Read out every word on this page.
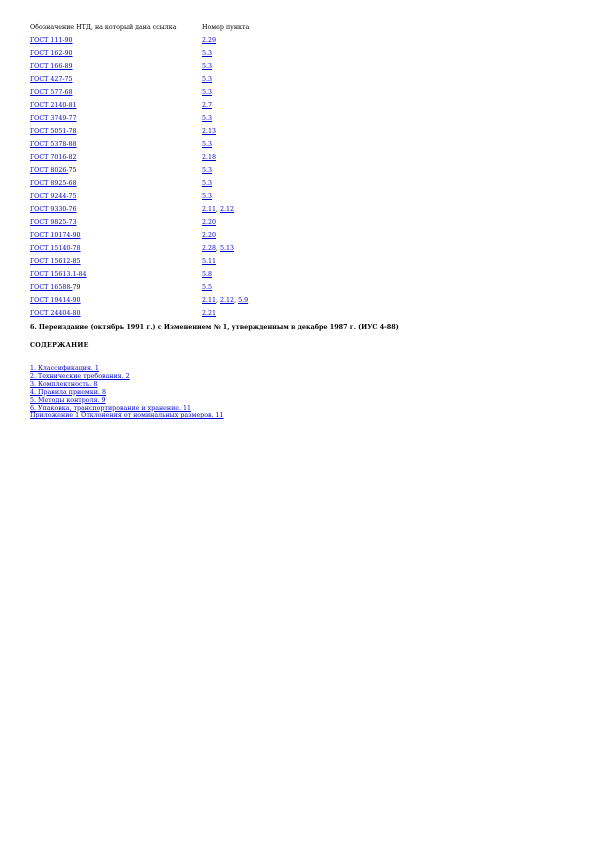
Обозначение НТД, на который дана ссылка	Номер пункта
ГОСТ 111-90	2.29
ГОСТ 162-90	5.3
ГОСТ 166-89	5.3
ГОСТ 427-75	5.3
ГОСТ 577-68	5.3
ГОСТ 2140-81	2.7
ГОСТ 3749-77	5.3
ГОСТ 5051-78	2.13
ГОСТ 5378-88	5.3
ГОСТ 7016-82	2.18
ГОСТ 8026-75	5.3
ГОСТ 8925-68	5.3
ГОСТ 9244-75	5.3
ГОСТ 9330-76	2.11, 2.12
ГОСТ 9825-73	2.20
ГОСТ 10174-90	2.20
ГОСТ 15140-78	2.28, 5.13
ГОСТ 15612-85	5.11
ГОСТ 15613.1-84	5.8
ГОСТ 16588-79	5.5
ГОСТ 19414-90	2.11, 2.12, 5.9
ГОСТ 24404-80	2.21
6. Переиздание (октябрь 1991 г.) с Изменением № 1, утвержденным в декабре 1987 г. (ИУС 4-88)
СОДЕРЖАНИЕ
1. Классификация. 1
2. Технические требования. 2
3. Комплектность. 8
4. Правила приемки. 8
5. Методы контроля. 9
6. Упаковка, транспортирование и хранение. 11
Приложение 1 Отклонения от номинальных размеров. 11
